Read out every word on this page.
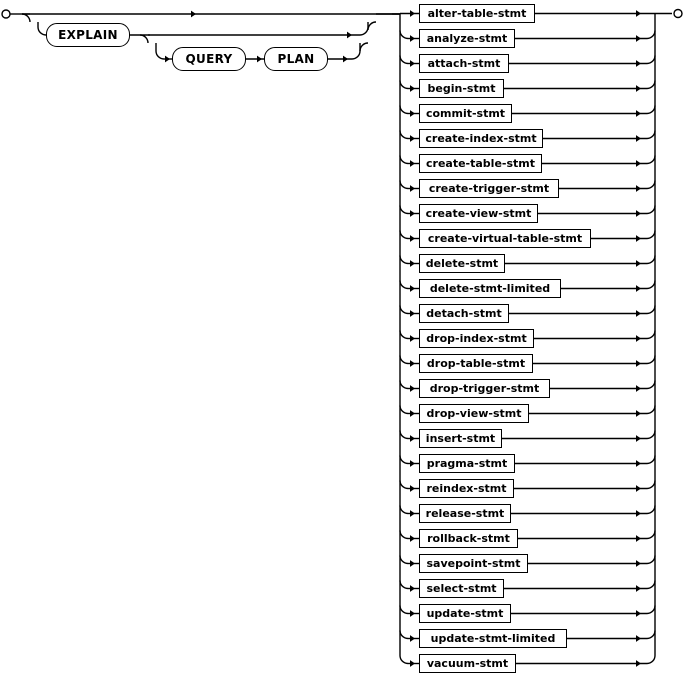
EXPLAIN
QUERY	PLAN
alter-table-stmt
analyze-stmt
attach-stmt
begin-stmt
commit-stmt
create-index-stmt
create-table-stmt
create-trigger-stmt
create-view-stmt
create-virtual-table-stmt
delete-stmt
delete-stmt-limited
detach-stmt
drop-index-stmt
drop-table-stmt
drop-trigger-stmt
drop-view-stmt
insert-stmt
pragma-stmt
reindex-stmt
release-stmt
rollback-stmt
savepoint-stmt
select-stmt
update-stmt
update-stmt-limited
vacuum-stmt
